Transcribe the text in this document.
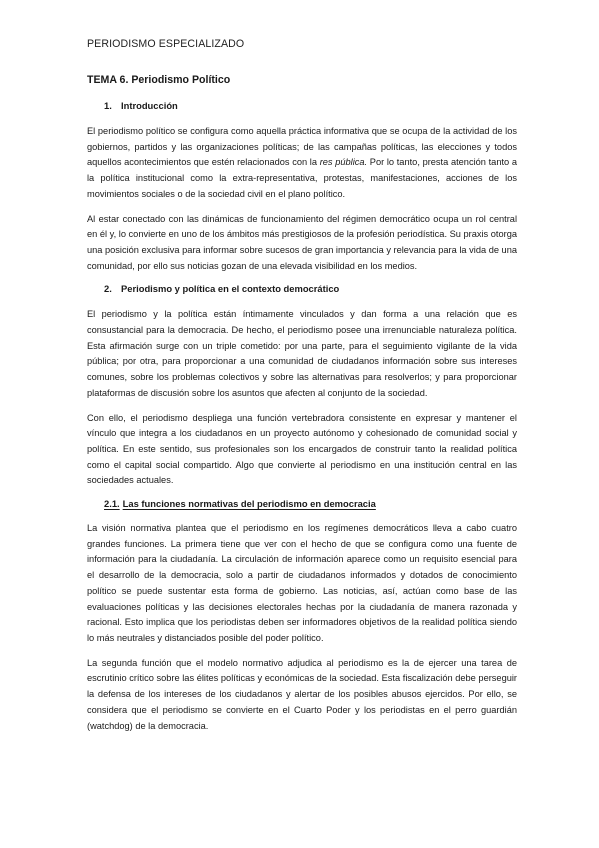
PERIODISMO ESPECIALIZADO
TEMA 6. Periodismo Político
1. Introducción

El periodismo político se configura como aquella práctica informativa que se ocupa de la actividad de los gobiernos, partidos y las organizaciones políticas; de las campañas políticas, las elecciones y todos aquellos acontecimientos que estén relacionados con la res pública. Por lo tanto, presta atención tanto a la política institucional como la extra-representativa, protestas, manifestaciones, acciones de los movimientos sociales o de la sociedad civil en el plano político.

Al estar conectado con las dinámicas de funcionamiento del régimen democrático ocupa un rol central en él y, lo convierte en uno de los ámbitos más prestigiosos de la profesión periodística. Su praxis otorga una posición exclusiva para informar sobre sucesos de gran importancia y relevancia para la vida de una comunidad, por ello sus noticias gozan de una elevada visibilidad en los medios.

2. Periodismo y política en el contexto democrático

El periodismo y la política están íntimamente vinculados y dan forma a una relación que es consustancial para la democracia. De hecho, el periodismo posee una irrenunciable naturaleza política. Esta afirmación surge con un triple cometido: por una parte, para el seguimiento vigilante de la vida pública; por otra, para proporcionar a una comunidad de ciudadanos información sobre sus intereses comunes, sobre los problemas colectivos y sobre las alternativas para resolverlos; y para proporcionar plataformas de discusión sobre los asuntos que afecten al conjunto de la sociedad.

Con ello, el periodismo despliega una función vertebradora consistente en expresar y mantener el vínculo que integra a los ciudadanos en un proyecto autónomo y cohesionado de comunidad social y política. En este sentido, sus profesionales son los encargados de construir tanto la realidad política como el capital social compartido. Algo que convierte al periodismo en una institución central en las sociedades actuales.

2.1. Las funciones normativas del periodismo en democracia

La visión normativa plantea que el periodismo en los regímenes democráticos lleva a cabo cuatro grandes funciones. La primera tiene que ver con el hecho de que se configura como una fuente de información para la ciudadanía. La circulación de información aparece como un requisito esencial para el desarrollo de la democracia, solo a partir de ciudadanos informados y dotados de conocimiento político se puede sustentar esta forma de gobierno. Las noticias, así, actúan como base de las evaluaciones políticas y las decisiones electorales hechas por la ciudadanía de manera razonada y racional. Esto implica que los periodistas deben ser informadores objetivos de la realidad política siendo lo más neutrales y distanciados posible del poder político.

La segunda función que el modelo normativo adjudica al periodismo es la de ejercer una tarea de escrutinio crítico sobre las élites políticas y económicas de la sociedad. Esta fiscalización debe perseguir la defensa de los intereses de los ciudadanos y alertar de los posibles abusos ejercidos. Por ello, se considera que el periodismo se convierte en el Cuarto Poder y los periodistas en el perro guardián (watchdog) de la democracia.
